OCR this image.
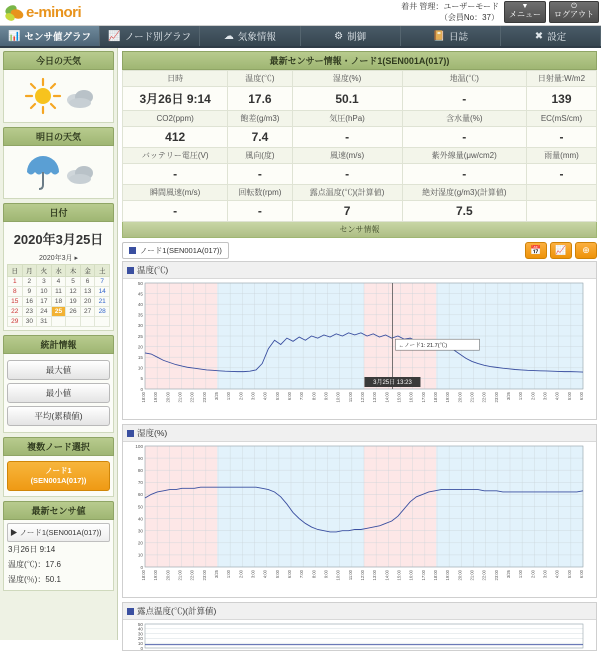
e-minori	着井 管理：ユーザーモード
（会員No：37）
▼
メニュー
⏻
ログアウト
📊 センサ値グラフ 📈 ノード別グラフ	☁ 気象情報	⚙ 制御	📔 日誌	✖ 設定
今日の天気
明日の天気
日付
2020年3月25日
2020年3月 ▸
日	月	火	水	木	金	土
1	2	3	4	5	6	7
8	9	10	11	12	13	14
15	16	17	18	19	20	21
22	23	24	25	26	27	28
29	30	31				
統計情報
最大値
最小値
平均(累積値)
複数ノード選択
ノード1
(SEN001A(017))
最新センサ値
▶ ノード1(SEN001A(017))
3月26日 9:14
温度(℃)：17.6
湿度(％)：50.1
最新センサー情報・ノード1(SEN001A(017))
日時	温度(℃)	湿度(%)	地温(℃)	日射量:W/m2
3月26日 9:14	17.6	50.1	-	139
CO2(ppm)	飽差(g/m3)	気圧(hPa)	含水量(%)	EC(mS/cm)
412	7.4	-	-	-
バッテリー電圧(V)	風向(度)	風速(m/s)	紫外線量(μw/cm2)	雨量(mm)
-	-	-	-	-
瞬間風速(m/s)	回転数(rpm)	露点温度(℃)(計算値)	絶対湿度(g/m3)(計算値)	
-	-	7	7.5	
センサ情報
ノード1(SEN001A(017))	📅	📈	⊕
温度(℃)
0
5
10
15
20
25
30
35
40
45
50
18:00 19:00 20:00 21:00 22:00 23:00 3/25 1:00 2:00 3:00 4:00 5:00 6:00 7:00 8:00 9:00 10:00 11:00 12:00 13:00 14:00 15:00 16:00 17:00 18:00 19:00 20:00 21:00 22:00 23:00 3/26 1:00 2:00 3:00 4:00 5:00 6:00
←ノード1: 21.7(℃)
3月25日 13:23
湿度(%)
0
10
20
30
40
50
60
70
80
90
100
18:00 19:00 20:00 21:00 22:00 23:00 3/25 1:00 2:00 3:00 4:00 5:00 6:00 7:00 8:00 9:00 10:00 11:00 12:00 13:00 14:00 15:00 16:00 17:00 18:00 19:00 20:00 21:00 22:00 23:00 3/26 1:00 2:00 3:00 4:00 5:00 6:00
露点温度(℃)(計算値)
0
10
20
30
40
50
